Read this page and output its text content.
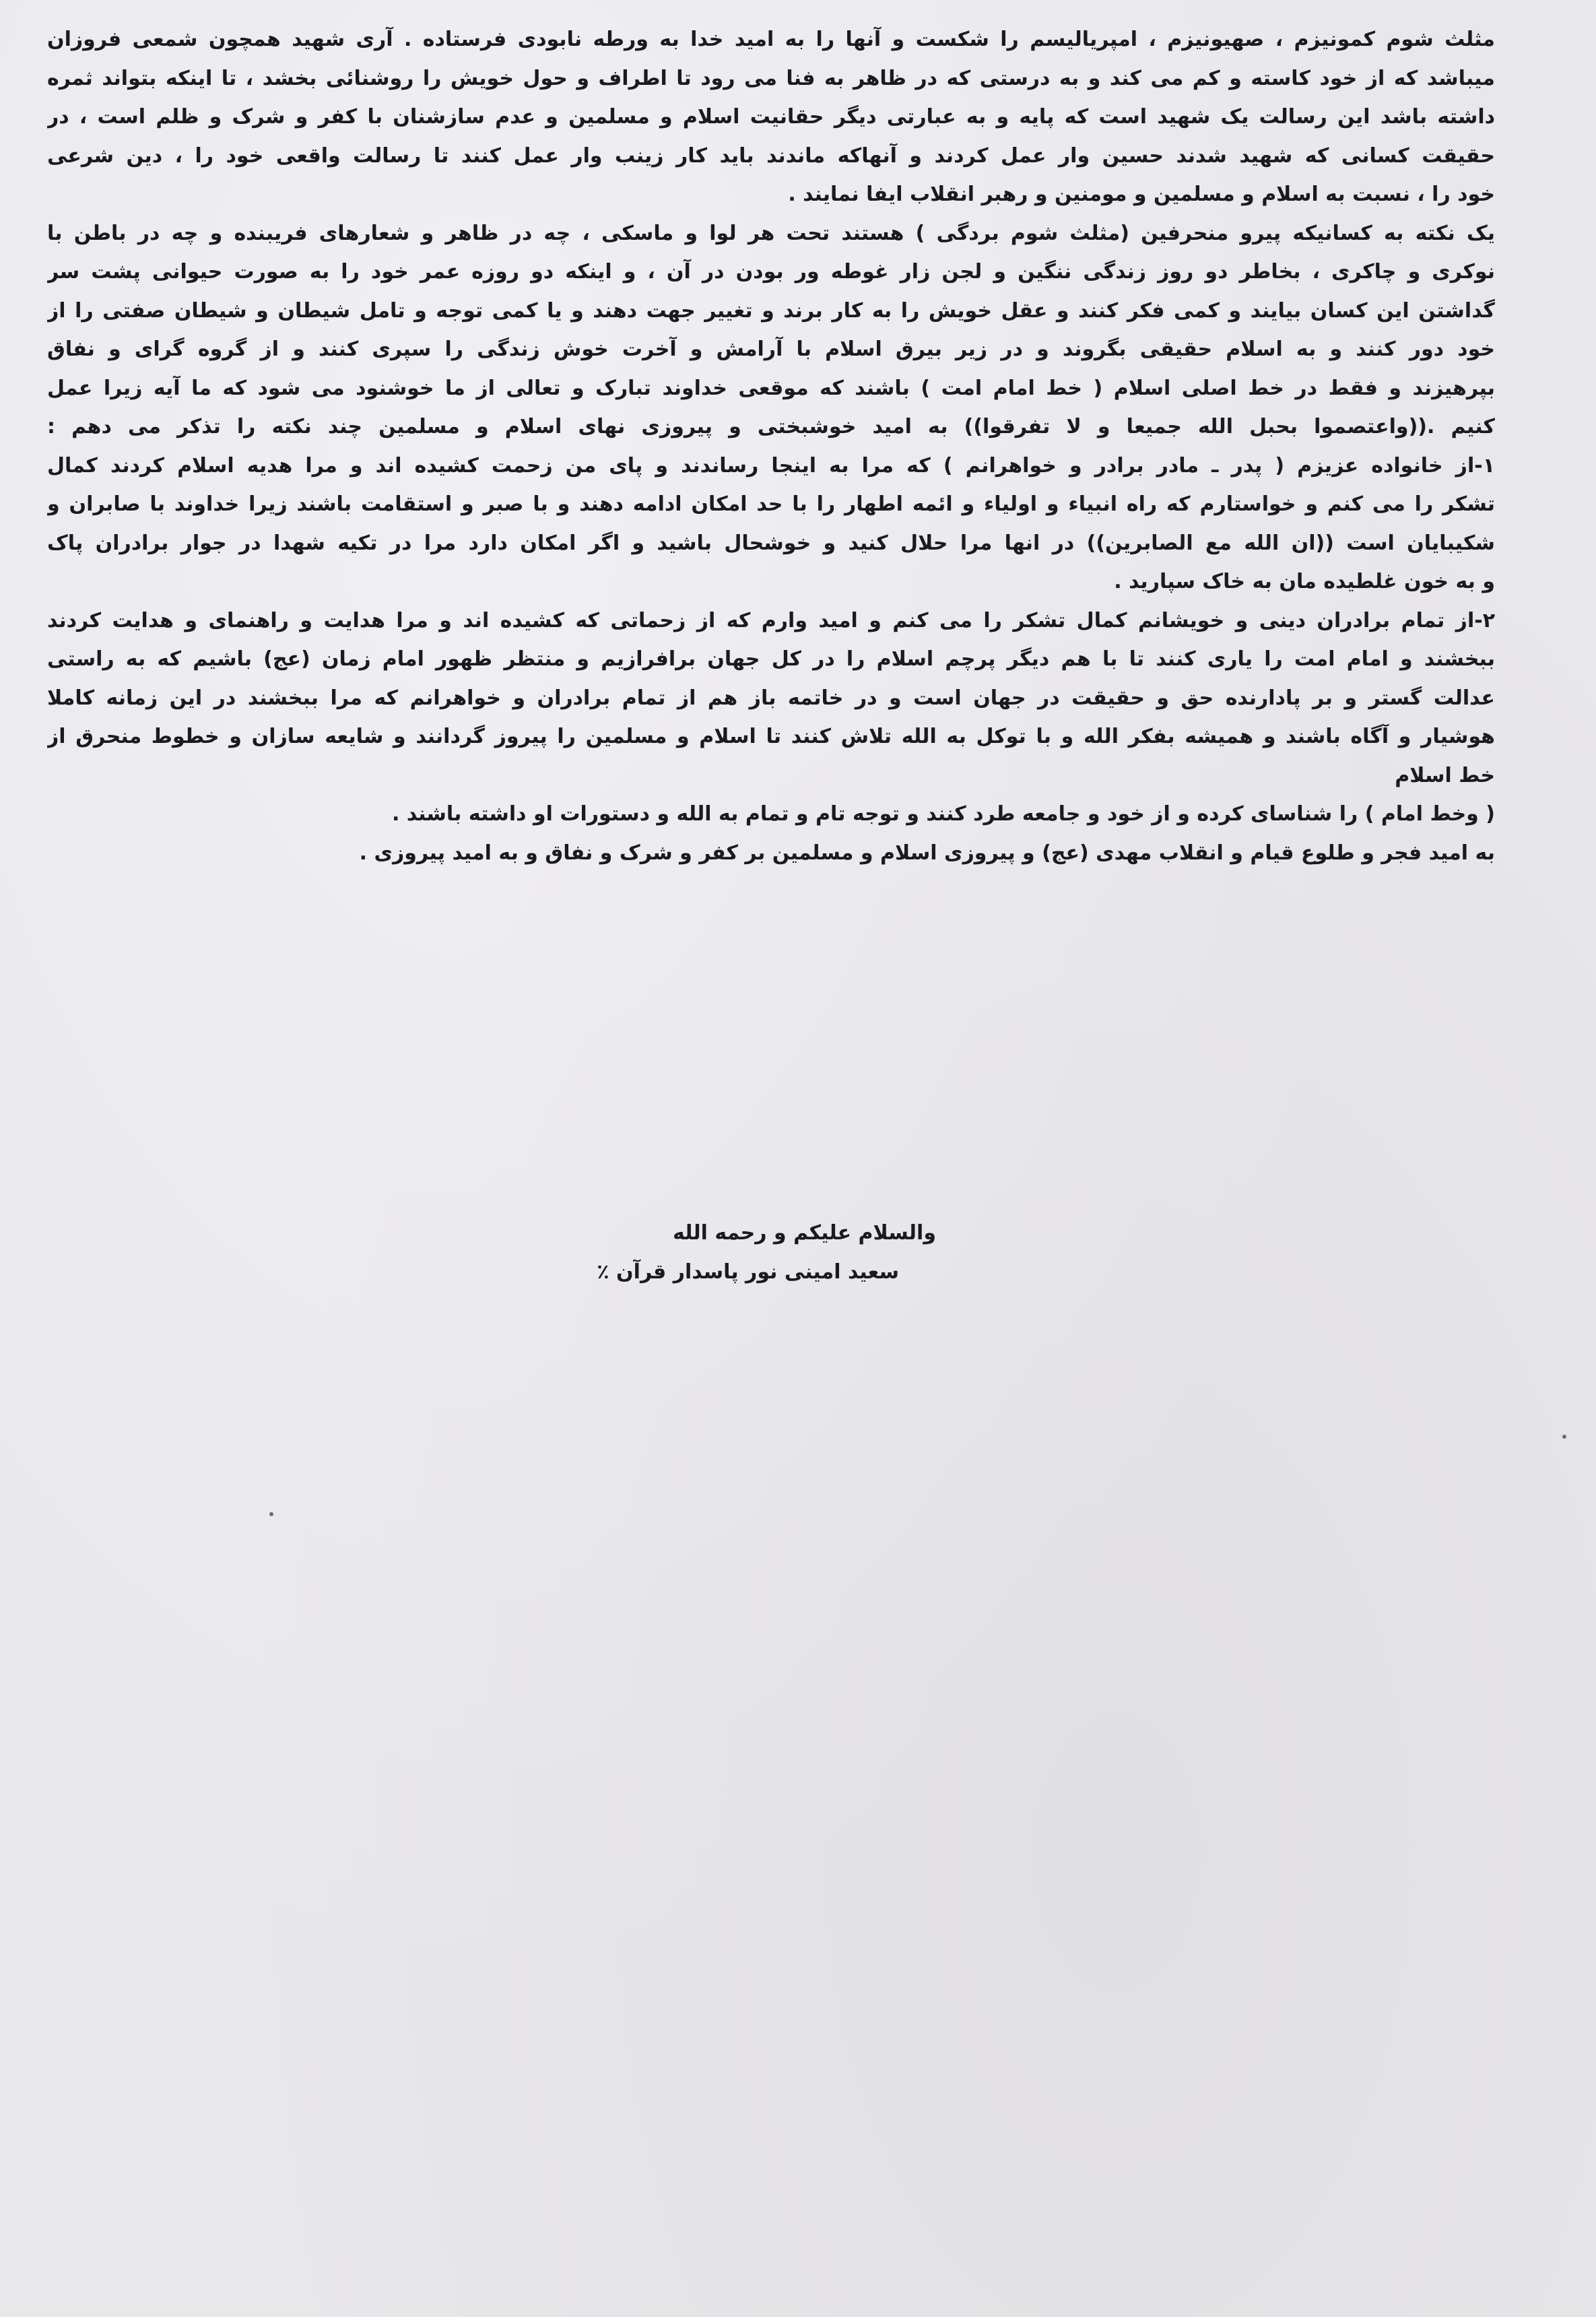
مثلث شوم کمونیزم ، صهیونیزم ، امپریالیسم را شکست و آنها را به امید خدا به ورطه نابودی فرستاده . آری شهید همچون شمعی فروزان
میباشد که از خود کاسته و کم می کند و به درستی که در ظاهر به فنا می رود تا اطراف و حول خویش را روشنائی بخشد ، تا اینکه بتواند ثمره
داشته باشد این رسالت یک شهید است که پایه و به عبارتی دیگر حقانیت اسلام و مسلمین و عدم سازشنان با کفر و شرک و ظلم است ، در
حقیقت کسانی که شهید شدند حسین وار عمل کردند و آنهاکه ماندند باید کار زینب وار عمل کنند تا رسالت واقعی خود را ، دین شرعی
خود را ، نسبت به اسلام و مسلمین و مومنین و رهبر انقلاب ایفا نمایند .
یک نکته به کسانیکه پیرو منحرفین (مثلث شوم بردگی ) هستند تحت هر لوا و ماسکی ، چه در ظاهر و شعارهای فریبنده و چه در باطن با
نوکری و چاکری ، بخاطر دو روز زندگی ننگین و لجن زار غوطه ور بودن در آن ، و اینکه دو روزه عمر خود را به صورت حیوانی پشت سر
گداشتن این کسان بیایند و کمی فکر کنند و عقل خویش را به کار برند و تغییر جهت دهند و یا کمی توجه و تامل شیطان و شیطان صفتی را از
خود دور کنند و به اسلام حقیقی بگروند و در زیر بیرق اسلام با آرامش و آخرت خوش زندگی را سپری کنند و از گروه گرای و نفاق
بپرهیزند و فقط در خط اصلی اسلام ( خط امام امت ) باشند که موقعی خداوند تبارک و تعالی از ما خوشنود می شود که ما آیه زیرا عمل
کنیم .((واعتصموا بحبل الله جمیعا و لا تفرقوا)) به امید خوشبختی و پیروزی نهای اسلام و مسلمین چند نکته را تذکر می دهم :
۱-از خانواده عزیزم ( پدر ـ مادر برادر و خواهرانم ) که مرا به اینجا رساندند و پای من زحمت کشیده اند و مرا هدیه اسلام کردند کمال
تشکر را می کنم و خواستارم که راه انبیاء و اولیاء و ائمه اطهار را با حد امکان ادامه دهند و با صبر و استقامت باشند زیرا خداوند با صابران و
شکیبایان است ((ان الله مع الصابرین)) در انها مرا حلال کنید و خوشحال باشید و اگر امکان دارد مرا در تکیه شهدا در جوار برادران پاک
و به خون غلطیده مان به خاک سپارید .
۲-از تمام برادران دینی و خویشانم کمال تشکر را می کنم و امید وارم که از زحماتی که کشیده اند و مرا هدایت و راهنمای و هدایت کردند
ببخشند و امام امت را یاری کنند تا با هم دیگر پرچم اسلام را در کل جهان برافرازیم و منتظر ظهور امام زمان (عج) باشیم که به راستی
عدالت گستر و بر پادارنده حق و حقیقت در جهان است و در خاتمه باز هم از تمام برادران و خواهرانم که مرا ببخشند در این زمانه کاملا
هوشیار و آگاه باشند و همیشه بفکر الله و با توکل به الله تلاش کنند تا اسلام و مسلمین را پیروز گردانند و شایعه سازان و خطوط منحرق از
خط اسلام
( وخط امام ) را شناسای کرده و از خود و جامعه طرد کنند و توجه تام و تمام به الله و دستورات او داشته باشند .
به امید فجر و طلوع قیام و انقلاب مهدی (عج) و پیروزی اسلام و مسلمین بر کفر و شرک و نفاق و به امید پیروزی .
والسلام علیکم و رحمه الله
سعید امینی نور پاسدار قرآن ٪
